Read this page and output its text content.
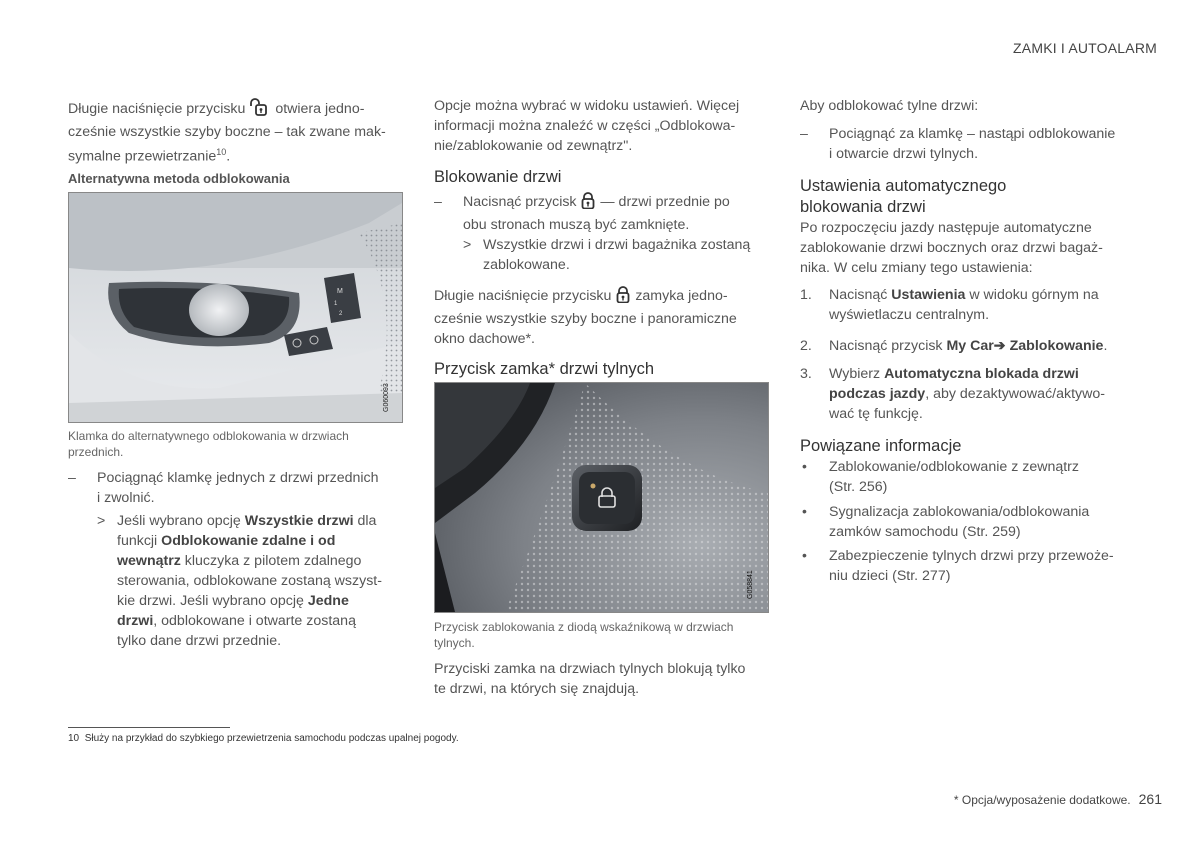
ZAMKI I AUTOALARM

Długie naciśnięcie przycisku  otwiera jedno-

cześnie wszystkie szyby boczne – tak zwane mak-

symalne przewietrzanie$^{10}$.

Alternatywna metoda odblokowania
M
1
2
G060093

Klamka do alternatywnego odblokowania w drzwiach

przednich.

– Pociągnąć klamkę jednych z drzwi przednich

i zwolnić.

> Jeśli wybrano opcję Wszystkie drzwi dla

funkcji Odblokowanie zdalne i od

wewnątrz kluczyka z pilotem zdalnego

sterowania, odblokowane zostaną wszyst-

kie drzwi. Jeśli wybrano opcję Jedne

drzwi, odblokowane i otwarte zostaną

tylko dane drzwi przednie.

Opcje można wybrać w widoku ustawień. Więcej

informacji można znaleźć w części „Odblokowa-

nie/zablokowanie od zewnątrz".

Blokowanie drzwi
– Nacisnąć przycisk  — drzwi przednie po

obu stronach muszą być zamknięte.

> Wszystkie drzwi i drzwi bagażnika zostaną

zablokowane.

Długie naciśnięcie przycisku  zamyka jedno-

cześnie wszystkie szyby boczne i panoramiczne

okno dachowe*.

Przycisk zamka* drzwi tylnych
G058841

Przycisk zablokowania z diodą wskaźnikową w drzwiach

tylnych.

Przyciski zamka na drzwiach tylnych blokują tylko

te drzwi, na których się znajdują.

Aby odblokować tylne drzwi:
– Pociągnąć za klamkę – nastąpi odblokowanie

i otwarcie drzwi tylnych.

Ustawienia automatycznego

blokowania drzwi

Po rozpoczęciu jazdy następuje automatyczne

zablokowanie drzwi bocznych oraz drzwi bagaż-

nika. W celu zmiany tego ustawienia:

1. Nacisnąć Ustawienia w widoku górnym na

wyświetlaczu centralnym.

2. Nacisnąć przycisk My Car➔ Zablokowanie.

3. Wybierz Automatyczna blokada drzwi

podczas jazdy, aby dezaktywować/aktywo-

wać tę funkcję.

Powiązane informacje
• Zablokowanie/odblokowanie z zewnątrz

(Str. 256)

• Sygnalizacja zablokowania/odblokowania

zamków samochodu (Str. 259)

• Zabezpieczenie tylnych drzwi przy przewoże-

niu dzieci (Str. 277)

10 Służy na przykład do szybkiego przewietrzenia samochodu podczas upalnej pogody.
* Opcja/wyposażenie dodatkowe. 261
